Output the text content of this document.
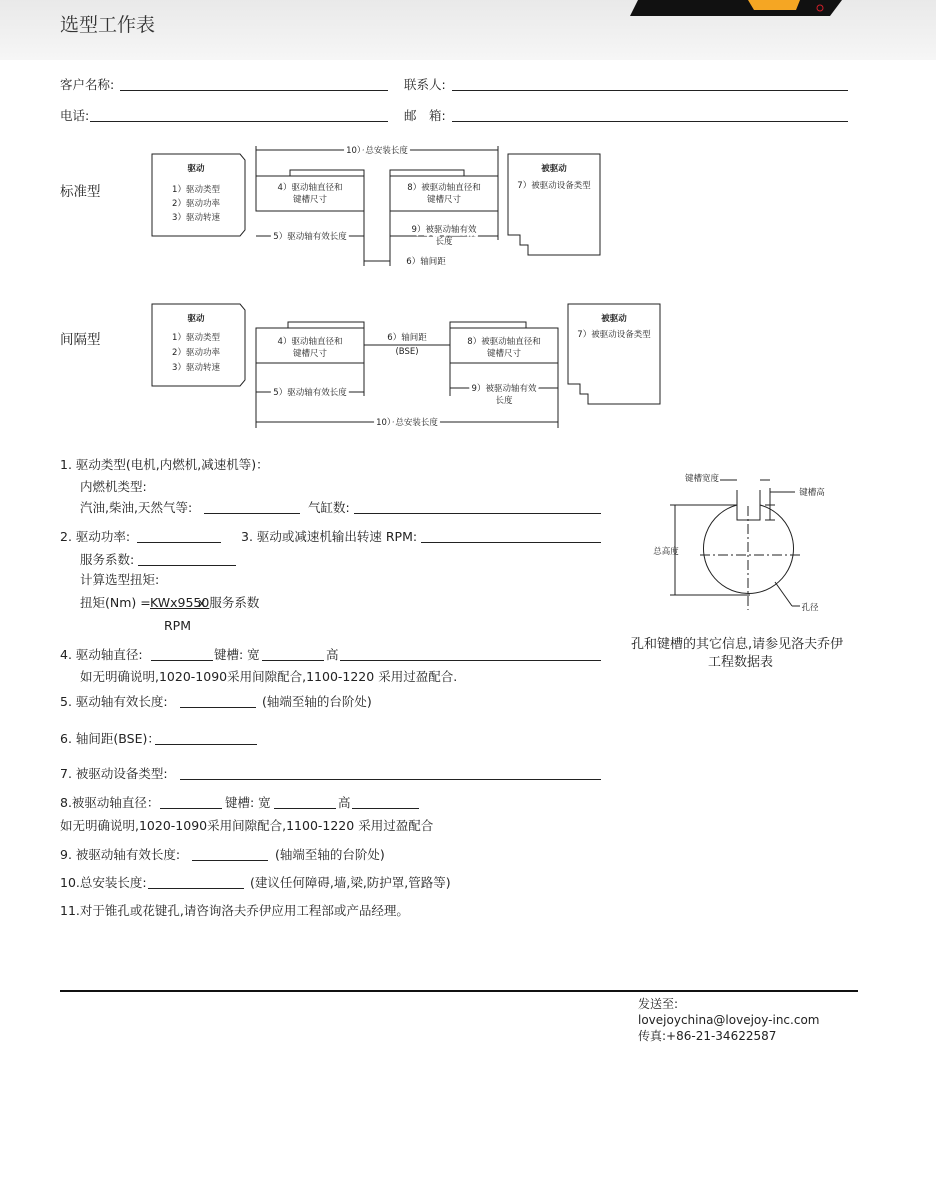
选型工作表
客户名称:	联系人:
电话:	邮　箱:
标准型
驱动
1）驱动类型
2）驱动功率
3）驱动转速
4）驱动轴直径和
键槽尺寸
8）被驱动轴直径和
键槽尺寸
被驱动
7）被驱动设备类型
10）总安装长度
5）驱动轴有效长度
9）被驱动轴有效
长度
6）轴间距
间隔型
驱动
1）驱动类型
2）驱动功率
3）驱动转速
4）驱动轴直径和
键槽尺寸
8）被驱动轴直径和
键槽尺寸
被驱动
7）被驱动设备类型
6）轴间距
(BSE)
5）驱动轴有效长度	9）被驱动轴有效
长度
10）总安装长度
1. 驱动类型(电机,内燃机,减速机等)：
内燃机类型:
汽油,柴油,天然气等:	气缸数:
2. 驱动功率:	3. 驱动或减速机输出转速 RPM:
服务系数:
计算选型扭矩:
扭矩(Nm) = KWx9550
x 服务系数
RPM
4. 驱动轴直径:	键槽: 宽	高
如无明确说明,1020-1090采用间隙配合,1100-1220 采用过盈配合.
5. 驱动轴有效长度:	(轴端至轴的台阶处)
6. 轴间距(BSE)：
7. 被驱动设备类型:
8.被驱动轴直径：	键槽: 宽	高
如无明确说明,1020-1090采用间隙配合,1100-1220 采用过盈配合
9. 被驱动轴有效长度:	(轴端至轴的台阶处)
10.总安装长度:	(建议任何障碍,墙,梁,防护罩,管路等)
11.对于锥孔或花键孔,请咨询洛夫乔伊应用工程部或产品经理。
键槽宽度
键槽高
总高度
孔径
孔和键槽的其它信息,请参见洛夫乔伊
工程数据表
发送至:
lovejoychina@lovejoy-inc.com
传真:+86-21-34622587
